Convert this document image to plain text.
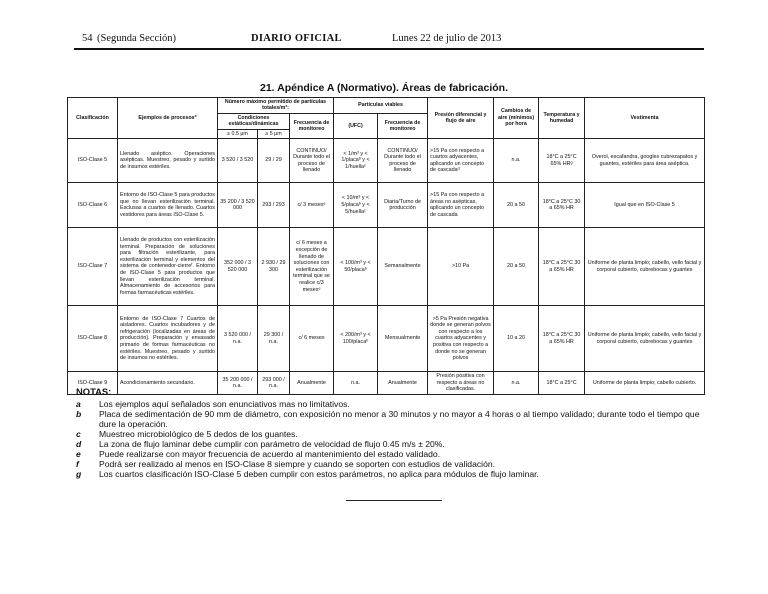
54 (Segunda Sección)	DIARIO OFICIAL	Lunes 22 de julio de 2013
21. Apéndice A (Normativo). Áreas de fabricación.
Clasificación	Ejemplos de procesosª	Número máximo permitido de partículas totales/m³:			Partículas viables		Presión diferencial y flujo de aire	Cambios de aire (mínimos) por hora	Temperatura y humedad	Vestimenta
		Condiciones estáticas/dinámicas		Frecuencia de monitoreo	(UFC)	Frecuencia de monitoreo				
		≥ 0.5 μm	≥ 5 μm							
ISO-Clase 5	Llenado aséptico. Operaciones asépticas. Muestreo, pesado y surtido de insumos estériles.	3 520 / 3 520	29 / 29	CONTINUO/ Durante todo el proceso de llenado	< 1/m³ y < 1/placaᵇ y < 1/huellaᶜ	CONTINUO/ Durante todo el proceso de llenado	>15 Pa con respecto a cuartos adyacentes, aplicando un concepto de cascadaᵈ	n.a.	18°C a 25°C 65% HRᵍ	Overol, escafandra, googles cubrezapatos y guantes, estériles para área aséptica.
ISO-Clase 6	Entorno de ISO-Clase 5 para productos que no llevan esterilización terminal. Esclusas a cuartos de llenado. Cuartos vestidores para áreas ISO-Clase 5.	35 200 / 3 520 000	293 / 293	c/ 3 mesesᵉ	< 10/m³ y < 5/placaᵇ y < 5/huellaᶜ	Diaria/Turno de producción	>15 Pa con respecto a áreas no asépticas, aplicando un concepto de cascada	20 a 50	18°C a 25°C 30 a 65% HR	Igual que en ISO-Clase 5
ISO-Clase 7	Llenado de productos con esterilización terminal. Preparación de soluciones para filtración esterilizante, para esterilización terminal y elementos del sistema de contenedor-cierreᶠ. Entorno de ISO-Clase 5 para productos que llevan esterilización terminal. Almacenamiento de accesorios para formas farmacéuticas estériles.	352 000 / 3 520 000	2 930 / 29 300	c/ 6 meses a excepción de llenado de soluciones con esterilización terminal que se realice c/3 mesesᵉ	< 100/m³ y < 50/placaᵇ	Semanalmente	>10 Pa	20 a 50	18°C a 25°C 30 a 65% HR	Uniforme de planta limpio; cabello, vello facial y corporal cubierto, cubrebocas y guantes
ISO-Clase 8	Entorno de ISO-Clase 7 Cuartos de aisladores. Cuartos incubadores y de refrigeración (localizadas en áreas de producción). Preparación y envasado primario de formas farmacéuticas no estériles. Muestreo, pesado y surtido de insumos no estériles.	3 520 000 / n.a.	29 300 / n.a.	c/ 6 meses	< 200/m³ y < 100/placaᵇ	Mensualmente	>5 Pa Presión negativa donde se generan polvos con respecto a los cuartos adyacentes y positiva con respecto a donde no se generan polvos	10 a 20	18°C a 25°C 30 a 65% HR	Uniforme de planta limpio; cabello, vello facial y corporal cubierto, cubrebocas y guantes
ISO-Clase 9	Acondicionamiento secundario.	35 200 000 / n.a.	293 000 / n.a.	Anualmente	n.a.	Anualmente	Presión positiva con respecto a áreas no clasificadas.	n.a.	18°C a 25°C	Uniforme de planta limpio; cabello cubierto.
NOTAS:
a	Los ejemplos aquí señalados son enunciativos mas no limitativos.
b	Placa de sedimentación de 90 mm de diámetro, con exposición no menor a 30 minutos y no mayor a 4 horas o al tiempo validado; durante todo el tiempo que dure la operación.
c	Muestreo microbiológico de 5 dedos de los guantes.
d	La zona de flujo laminar debe cumplir con parámetro de velocidad de flujo 0.45 m/s ± 20%.
e	Puede realizarse con mayor frecuencia de acuerdo al mantenimiento del estado validado.
f	Podrá ser realizado al menos en ISO-Clase 8 siempre y cuando se soporten con estudios de validación.
g	Los cuartos clasificación ISO-Clase 5 deben cumplir con estos parámetros, no aplica para módulos de flujo laminar.
